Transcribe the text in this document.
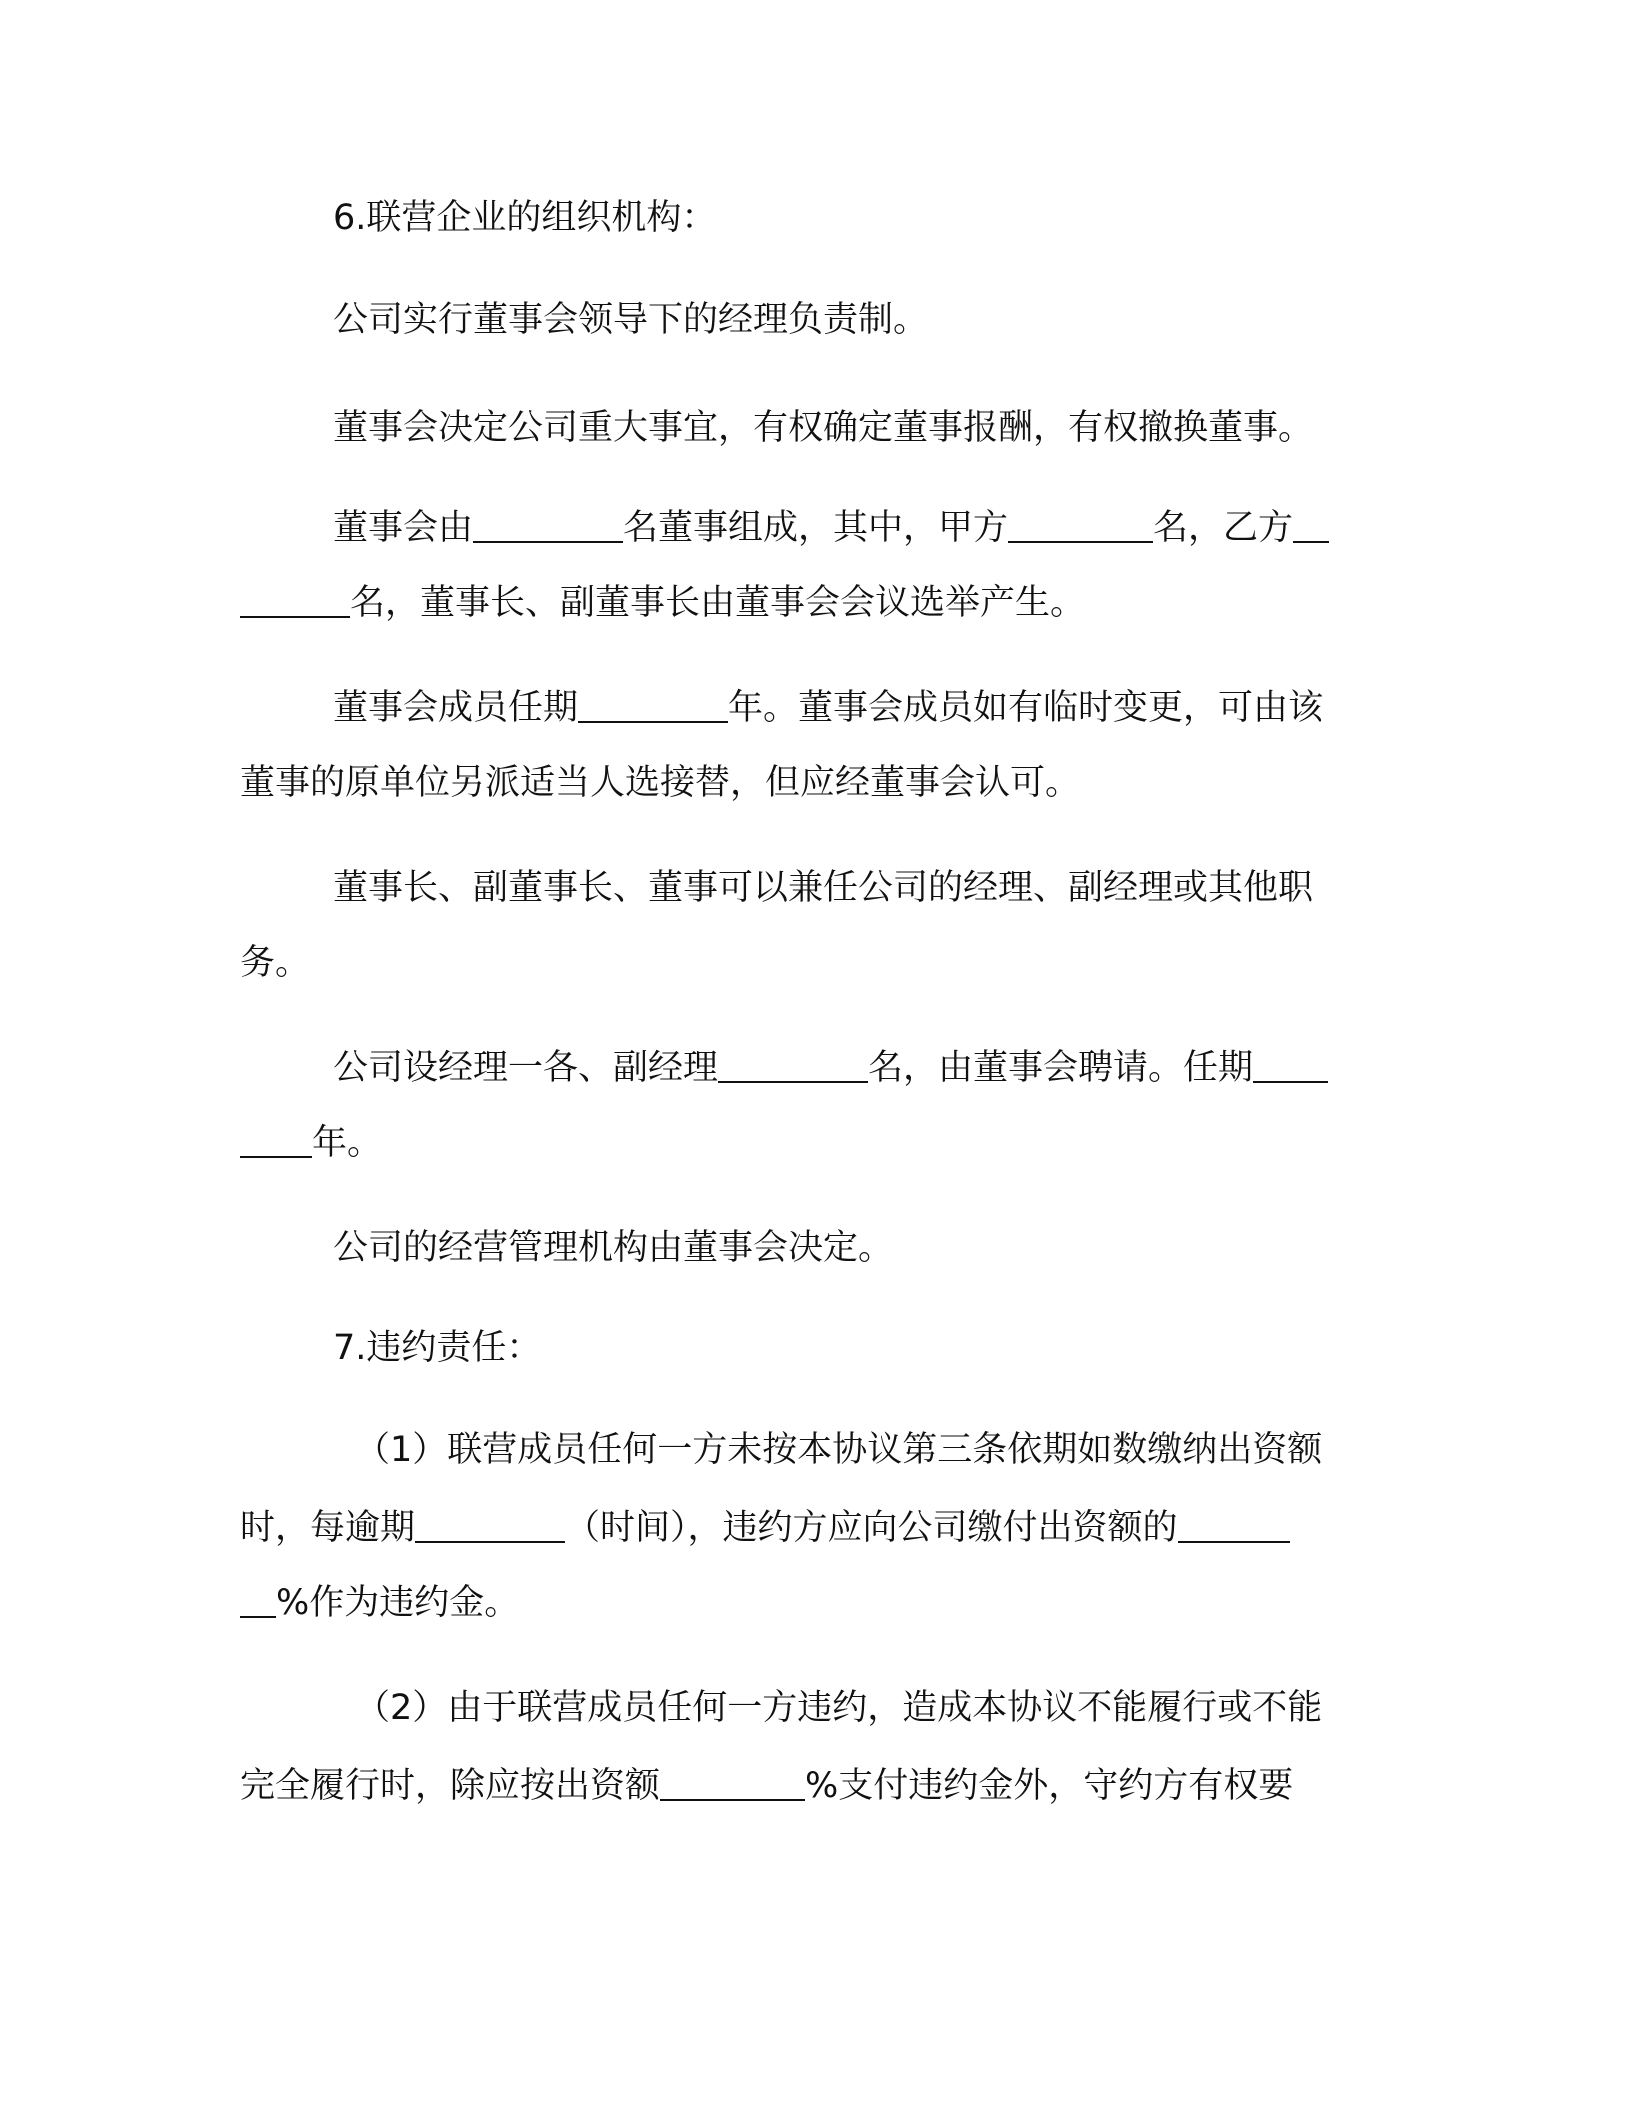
6.联营企业的组织机构：
公司实行董事会领导下的经理负责制。
董事会决定公司重大事宜，有权确定董事报酬，有权撤换董事。
董事会由	名董事组成，其中，甲方	名，乙方
名，董事长、副董事长由董事会会议选举产生。
董事会成员任期	年。董事会成员如有临时变更，可由该
董事的原单位另派适当人选接替，但应经董事会认可。
董事长、副董事长、董事可以兼任公司的经理、副经理或其他职
务。
公司设经理一各、副经理	名，由董事会聘请。任期
年。
公司的经营管理机构由董事会决定。
7.违约责任：
（1）联营成员任何一方未按本协议第三条依期如数缴纳出资额
时，每逾期	（时间），违约方应向公司缴付出资额的
%作为违约金。
（2）由于联营成员任何一方违约，造成本协议不能履行或不能
完全履行时，除应按出资额	%支付违约金外，守约方有权要
